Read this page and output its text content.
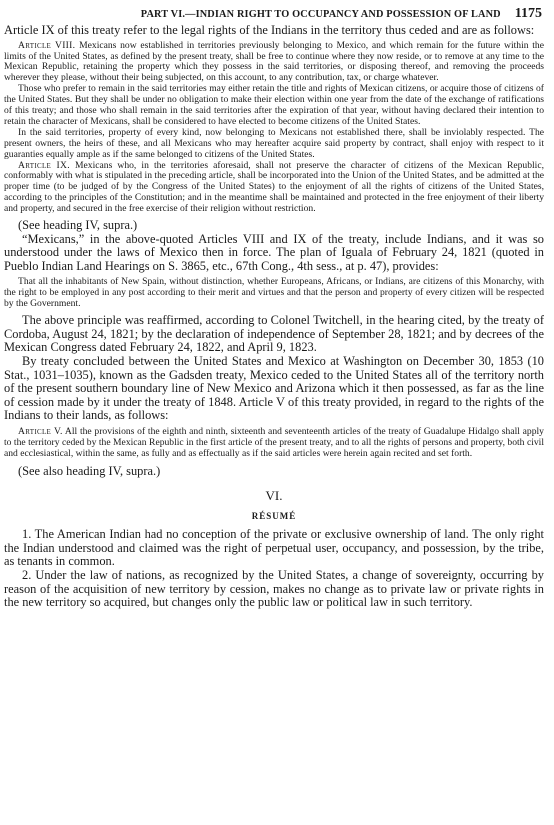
PART VI.—INDIAN RIGHT TO OCCUPANCY AND POSSESSION OF LAND 1175

Article IX of this treaty refer to the legal rights of the Indians in the territory thus ceded and are as follows:

Article VIII. Mexicans now established in territories previously belonging to Mexico, and which remain for the future within the limits of the United States, as defined by the present treaty, shall be free to continue where they now reside, or to remove at any time to the Mexican Republic, retaining the property which they possess in the said territories, or disposing thereof, and removing the proceeds wherever they please, without their being subjected, on this account, to any contribution, tax, or charge whatever.

Those who prefer to remain in the said territories may either retain the title and rights of Mexican citizens, or acquire those of citizens of the United States. But they shall be under no obligation to make their election within one year from the date of the exchange of ratifications of this treaty; and those who shall remain in the said territories after the expiration of that year, without having declared their intention to retain the character of Mexicans, shall be considered to have elected to become citizens of the United States.

In the said territories, property of every kind, now belonging to Mexicans not established there, shall be inviolably respected. The present owners, the heirs of these, and all Mexicans who may hereafter acquire said property by contract, shall enjoy with respect to it guaranties equally ample as if the same belonged to citizens of the United States.

Article IX. Mexicans who, in the territories aforesaid, shall not preserve the character of citizens of the Mexican Republic, conformably with what is stipulated in the preceding article, shall be incorporated into the Union of the United States, and be admitted at the proper time (to be judged of by the Congress of the United States) to the enjoyment of all the rights of citizens of the United States, according to the principles of the Constitution; and in the meantime shall be maintained and protected in the free enjoyment of their liberty and property, and secured in the free exercise of their religion without restriction.

(See heading IV, supra.)

“Mexicans,” in the above-quoted Articles VIII and IX of the treaty, include Indians, and it was so understood under the laws of Mexico then in force. The plan of Iguala of February 24, 1821 (quoted in Pueblo Indian Land Hearings on S. 3865, etc., 67th Cong., 4th sess., at p. 47), provides:

That all the inhabitants of New Spain, without distinction, whether Europeans, Africans, or Indians, are citizens of this Monarchy, with the right to be employed in any post according to their merit and virtues and that the person and property of every citizen will be respected by the Government.

The above principle was reaffirmed, according to Colonel Twitchell, in the hearing cited, by the treaty of Cordoba, August 24, 1821; by the declaration of independence of September 28, 1821; and by decrees of the Mexican Congress dated February 24, 1822, and April 9, 1823.

By treaty concluded between the United States and Mexico at Washington on December 30, 1853 (10 Stat., 1031–1035), known as the Gadsden treaty, Mexico ceded to the United States all of the territory north of the present southern boundary line of New Mexico and Arizona which it then possessed, as far as the line of cession made by it under the treaty of 1848. Article V of this treaty provided, in regard to the rights of the Indians to their lands, as follows:

Article V. All the provisions of the eighth and ninth, sixteenth and seventeenth articles of the treaty of Guadalupe Hidalgo shall apply to the territory ceded by the Mexican Republic in the first article of the present treaty, and to all the rights of persons and property, both civil and ecclesiastical, within the same, as fully and as effectually as if the said articles were herein again recited and set forth.

(See also heading IV, supra.)

VI.
RÉSUMÉ

1. The American Indian had no conception of the private or exclusive ownership of land. The only right the Indian understood and claimed was the right of perpetual user, occupancy, and possession, by the tribe, as tenants in common.

2. Under the law of nations, as recognized by the United States, a change of sovereignty, occurring by reason of the acquisition of new territory by cession, makes no change as to private law or private rights in the new territory so acquired, but changes only the public law or political law in such territory.
